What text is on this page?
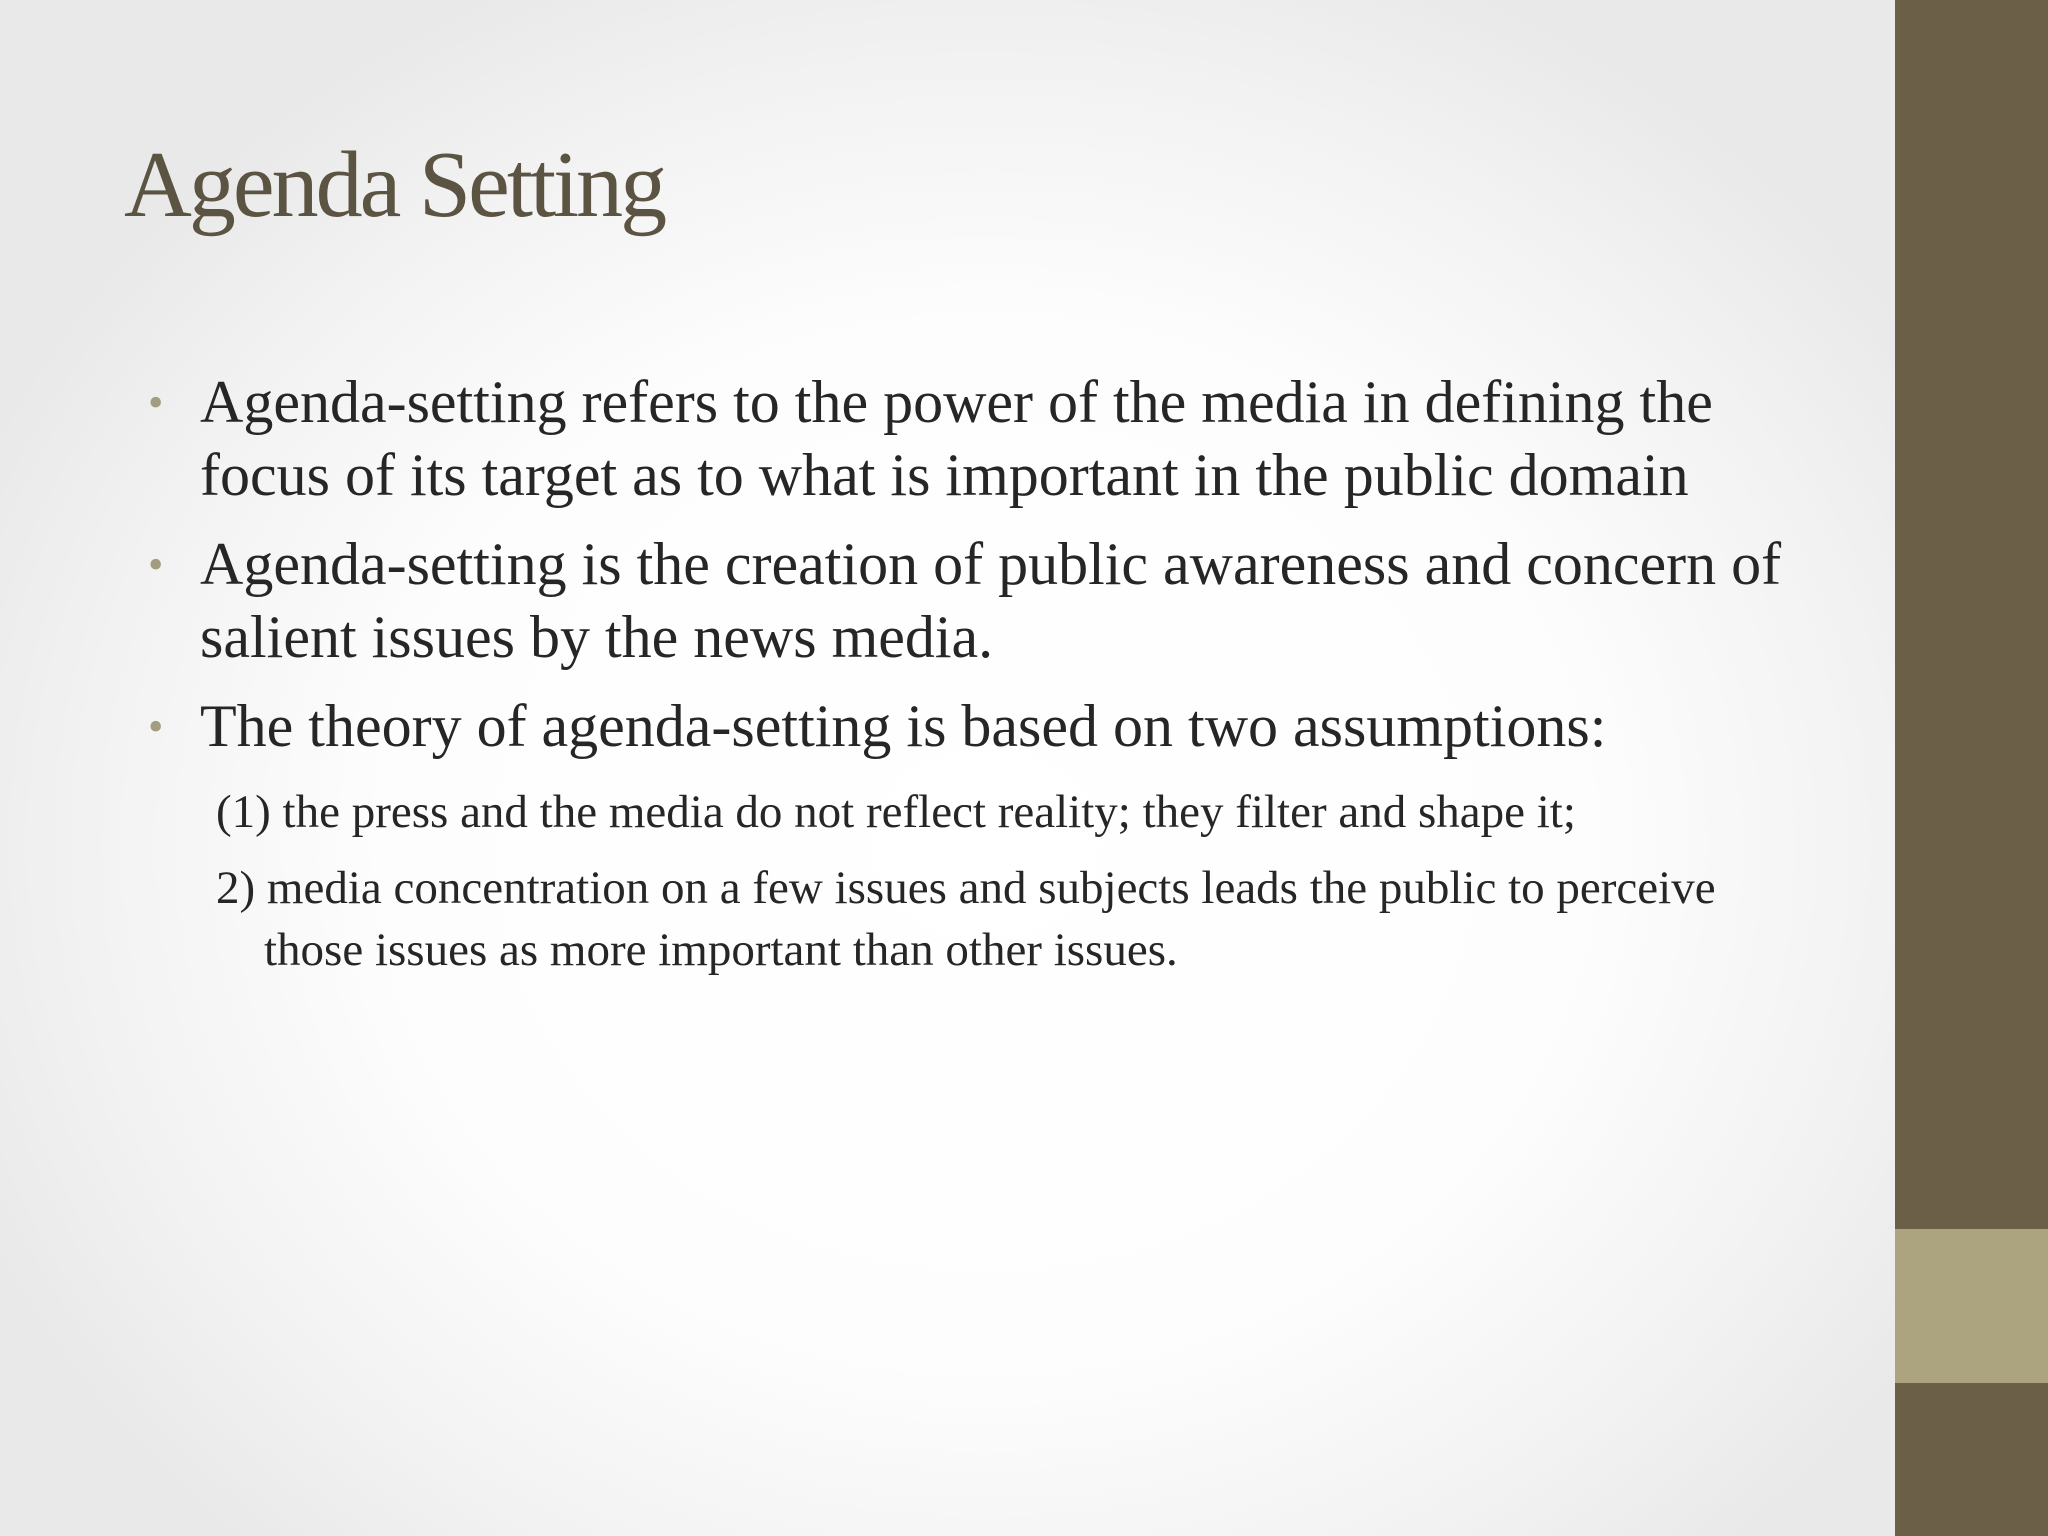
Agenda Setting
• Agenda-setting refers to the power of the media in defining the focus of its target as to what is important in the public domain
• Agenda-setting is the creation of public awareness and concern of salient issues by the news media.
• The theory of agenda-setting is based on two assumptions:
(1) the press and the media do not reflect reality; they filter and shape it;
2) media concentration on a few issues and subjects leads the public to perceive those issues as more important than other issues.
